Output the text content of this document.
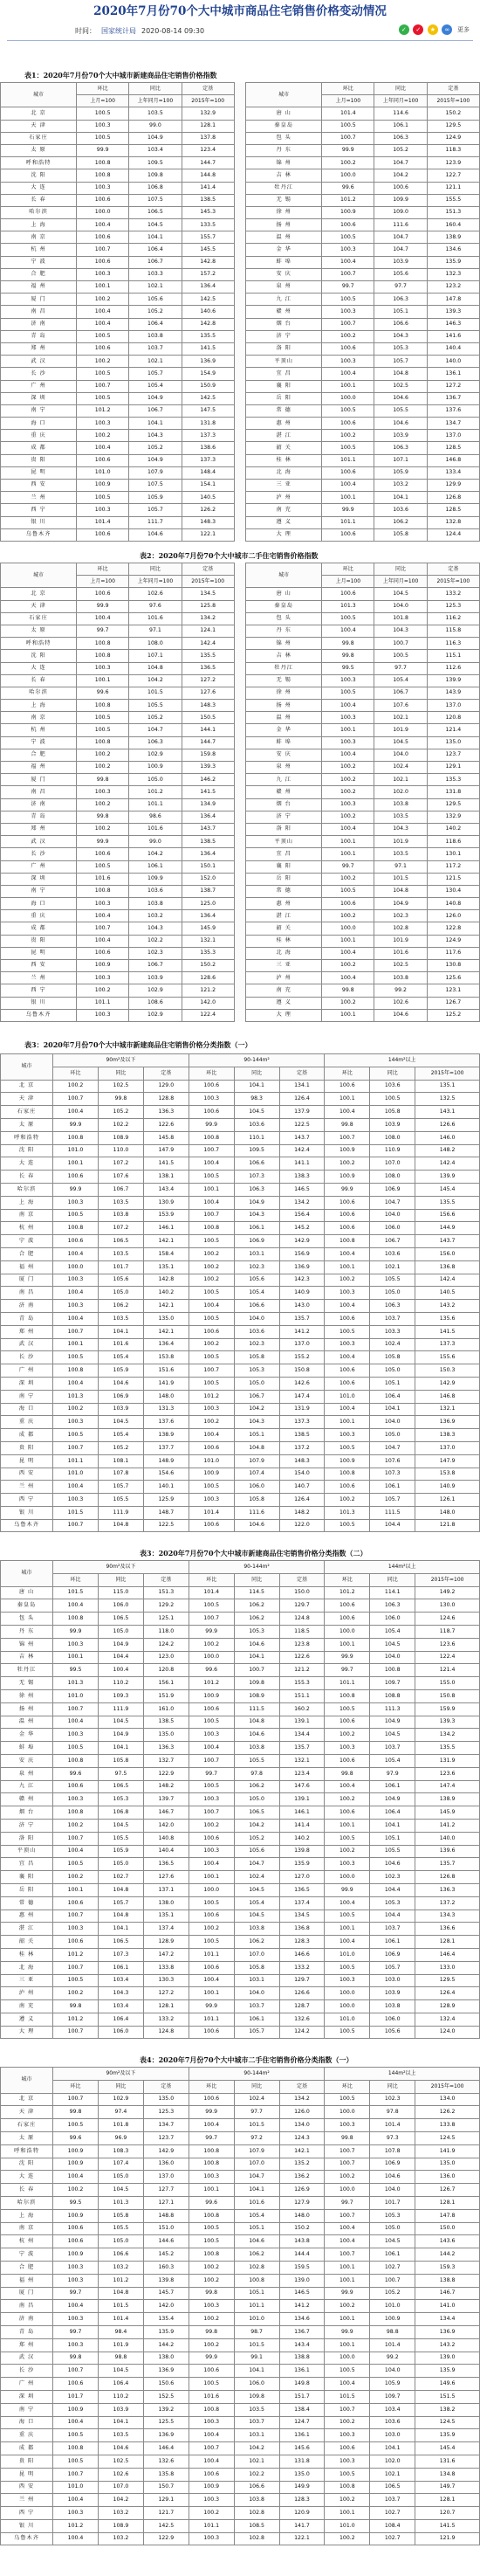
2020年7月份70个大中城市商品住宅销售价格变动情况
时间： 国家统计局 2020-08-14 09:30	✓ ✓ ★ ∞ 更多
表1：2020年7月份70个大中城市新建商品住宅销售价格指数
城市	环比	同比	定基		城市	环比	同比	定基
	上月=100	上年同月=100	2015年=100			上月=100	上年同月=100	2015年=100
北 京	100.5	103.5	132.9		唐 山	101.4	114.6	150.2
天 津	100.3	99.0	128.1		秦皇岛	100.5	106.1	129.5
石家庄	100.5	104.9	137.8		包 头	100.7	106.3	124.9
太 原	99.9	103.4	123.4		丹 东	99.9	105.2	118.3
呼和浩特	100.8	109.5	144.7		锦 州	100.2	104.7	123.9
沈 阳	100.8	109.8	144.8		吉 林	100.0	104.2	122.7
大 连	100.3	106.8	141.4		牡丹江	99.6	100.6	121.1
长 春	100.6	107.5	138.5		无 锡	101.2	109.9	155.5
哈尔滨	100.0	106.5	145.3		徐 州	100.9	109.0	151.3
上 海	100.4	104.5	133.5		扬 州	100.6	111.6	160.4
南 京	100.6	104.1	155.7		温 州	100.5	104.7	138.9
杭 州	100.7	106.4	145.5		金 华	100.3	104.7	134.6
宁 波	100.6	106.7	142.8		蚌 埠	100.4	103.9	135.9
合 肥	100.3	103.3	157.2		安 庆	100.7	105.6	132.3
福 州	100.1	102.1	136.4		泉 州	99.7	97.7	123.2
厦 门	100.2	105.6	142.5		九 江	100.5	106.3	147.8
南 昌	100.4	105.2	140.6		赣 州	100.3	105.1	139.3
济 南	100.4	106.4	142.8		烟 台	100.7	106.6	146.3
青 岛	100.5	103.8	135.5		济 宁	100.2	104.3	141.6
郑 州	100.6	103.7	141.5		洛 阳	100.6	105.3	140.4
武 汉	100.2	102.1	136.9		平顶山	100.3	105.7	140.0
长 沙	100.5	105.7	154.9		宜 昌	100.4	104.8	136.1
广 州	100.7	105.4	150.9		襄 阳	100.1	102.5	127.2
深 圳	100.5	104.9	142.5		岳 阳	100.0	104.6	136.7
南 宁	101.2	106.7	147.5		常 德	100.5	105.5	137.6
海 口	100.3	104.1	131.8		惠 州	100.6	104.6	134.7
重 庆	100.2	104.3	137.3		湛 江	100.2	103.9	137.0
成 都	100.4	105.2	138.6		韶 关	100.5	106.3	128.5
贵 阳	100.6	104.9	137.3		桂 林	101.1	107.1	146.8
昆 明	101.0	107.9	148.4		北 海	100.6	105.9	133.4
西 安	100.9	107.5	154.1		三 亚	100.4	103.2	129.9
兰 州	100.5	105.9	140.5		泸 州	100.1	104.1	126.8
西 宁	100.3	105.7	126.2		南 充	99.9	103.6	128.5
银 川	101.4	111.7	148.3		遵 义	101.1	106.2	132.8
乌鲁木齐	100.6	104.6	122.1		大 理	100.6	105.8	124.4
表2：2020年7月份70个大中城市二手住宅销售价格指数
城市	环比	同比	定基		城市	环比	同比	定基
	上月=100	上年同月=100	2015年=100			上月=100	上年同月=100	2015年=100
北 京	100.6	102.6	134.5		唐 山	100.6	104.5	133.2
天 津	99.9	97.6	125.8		秦皇岛	101.3	104.0	125.3
石家庄	100.4	101.6	134.2		包 头	100.5	101.8	116.2
太 原	99.7	97.1	124.1		丹 东	100.4	104.3	115.8
呼和浩特	100.8	108.0	142.4		锦 州	99.8	100.7	116.3
沈 阳	100.8	107.1	135.5		吉 林	99.8	100.5	115.1
大 连	100.3	104.8	136.5		牡丹江	99.5	97.7	112.6
长 春	100.1	104.2	127.2		无 锡	100.3	105.4	139.9
哈尔滨	99.6	101.5	127.6		徐 州	100.5	106.7	143.9
上 海	100.8	105.5	148.3		扬 州	100.4	107.6	137.0
南 京	100.5	105.2	150.5		温 州	100.3	102.1	120.8
杭 州	100.5	104.7	144.1		金 华	100.1	101.9	121.4
宁 波	100.8	106.3	144.7		蚌 埠	100.3	104.5	135.0
合 肥	100.2	102.9	159.8		安 庆	100.4	104.0	123.7
福 州	100.2	100.9	139.3		泉 州	100.2	102.4	129.1
厦 门	99.8	105.0	146.2		九 江	100.2	102.1	135.3
南 昌	100.3	101.2	141.5		赣 州	100.2	102.0	131.8
济 南	100.2	101.1	134.9		烟 台	100.3	103.8	129.5
青 岛	99.8	98.6	136.4		济 宁	100.2	103.5	132.9
郑 州	100.2	101.6	143.7		洛 阳	100.4	104.3	140.2
武 汉	99.9	99.0	138.5		平顶山	100.1	101.9	118.6
长 沙	100.6	104.2	136.4		宜 昌	100.1	103.5	130.1
广 州	100.5	106.1	150.1		襄 阳	99.7	97.1	117.2
深 圳	101.6	109.9	152.0		岳 阳	100.2	101.5	121.5
南 宁	100.8	103.6	138.7		常 德	100.5	104.8	130.4
海 口	100.3	103.8	125.0		惠 州	100.6	104.9	140.8
重 庆	100.4	103.2	136.4		湛 江	100.2	102.3	126.0
成 都	100.7	104.3	145.9		韶 关	100.0	102.8	122.8
贵 阳	100.4	102.2	132.1		桂 林	100.1	101.9	124.9
昆 明	100.6	102.3	135.3		北 海	100.4	101.6	117.6
西 安	100.9	106.7	150.2		三 亚	100.2	102.5	130.8
兰 州	100.3	103.9	128.6		泸 州	100.4	103.8	125.6
西 宁	100.2	102.9	121.2		南 充	99.8	99.2	123.1
银 川	101.1	108.6	142.0		遵 义	100.2	102.6	126.7
乌鲁木齐	100.3	102.9	122.4		大 理	100.1	104.6	125.2
表3：2020年7月份70个大中城市新建商品住宅销售价格分类指数（一）
城市	90m²及以下			90-144m²			144m²以上		
	环比	同比	定基	环比	同比	定基	环比	同比	2015年=100
北 京	100.2	102.5	129.0	100.6	104.1	134.1	100.6	103.6	135.1
天 津	100.7	99.8	128.8	100.3	98.3	126.4	100.1	100.5	132.5
石家庄	100.4	105.2	136.3	100.6	104.5	137.9	100.4	105.8	143.1
太 原	99.9	102.2	122.6	99.9	103.6	122.5	99.8	103.9	126.6
呼和浩特	100.8	108.9	145.8	100.8	110.1	143.7	100.7	108.0	146.0
沈 阳	101.0	110.0	147.9	100.7	109.5	142.4	100.9	110.9	148.2
大 连	100.1	107.2	141.5	100.4	106.6	141.1	100.2	107.0	142.4
长 春	100.6	107.6	138.1	100.5	107.3	138.3	100.9	108.0	139.9
哈尔滨	99.9	106.7	143.4	100.1	106.3	146.5	99.9	106.9	145.4
上 海	100.3	103.5	130.9	100.4	104.9	134.2	100.6	104.7	135.5
南 京	100.5	103.8	153.9	100.7	104.3	156.4	100.6	104.0	156.6
杭 州	100.8	107.2	146.1	100.8	106.1	145.2	100.6	106.0	144.9
宁 波	100.6	106.5	142.1	100.5	106.9	142.9	100.8	106.7	143.7
合 肥	100.4	103.5	158.4	100.2	103.1	156.9	100.4	103.6	156.0
福 州	100.0	101.7	135.1	100.2	102.3	136.9	100.1	102.1	136.8
厦 门	100.3	105.6	142.8	100.2	105.6	142.3	100.2	105.5	142.4
南 昌	100.4	105.0	140.2	100.5	105.4	140.9	100.3	105.0	140.5
济 南	100.3	106.2	142.1	100.4	106.6	143.0	100.4	106.3	143.2
青 岛	100.4	103.5	135.0	100.5	104.0	135.7	100.6	103.7	135.6
郑 州	100.7	104.1	142.1	100.6	103.6	141.2	100.5	103.3	141.5
武 汉	100.1	101.6	136.4	100.2	102.3	137.0	100.3	102.4	137.3
长 沙	100.5	105.4	153.8	100.5	105.8	155.2	100.4	105.8	155.6
广 州	100.8	105.9	151.6	100.7	105.3	150.8	100.6	105.0	150.3
深 圳	100.4	104.6	141.9	100.5	105.0	142.6	100.6	105.1	142.9
南 宁	101.3	106.9	148.0	101.2	106.7	147.4	101.0	106.4	146.8
海 口	100.2	103.9	131.3	100.3	104.2	131.9	100.4	104.1	132.1
重 庆	100.3	104.5	137.6	100.2	104.3	137.3	100.1	104.0	136.9
成 都	100.5	105.4	138.9	100.4	105.1	138.5	100.3	105.0	138.3
贵 阳	100.7	105.2	137.7	100.6	104.8	137.2	100.5	104.7	137.0
昆 明	101.1	108.1	148.9	101.0	107.9	148.3	100.9	107.6	147.9
西 安	101.0	107.8	154.6	100.9	107.4	154.0	100.8	107.3	153.8
兰 州	100.4	105.7	140.1	100.5	106.0	140.7	100.6	106.1	140.9
西 宁	100.3	105.5	125.9	100.3	105.8	126.4	100.2	105.7	126.1
银 川	101.5	111.9	148.7	101.4	111.6	148.2	101.3	111.5	148.0
乌鲁木齐	100.7	104.8	122.5	100.6	104.6	122.0	100.5	104.4	121.8
表3：2020年7月份70个大中城市新建商品住宅销售价格分类指数（二）
城市	90m²及以下			90-144m²			144m²以上		
	环比	同比	定基	环比	同比	定基	环比	同比	2015年=100
唐 山	101.5	115.0	151.3	101.4	114.5	150.0	101.2	114.1	149.2
秦皇岛	100.4	106.0	129.2	100.5	106.2	129.7	100.6	106.3	130.0
包 头	100.8	106.5	125.1	100.7	106.2	124.8	100.6	106.0	124.6
丹 东	99.9	105.0	118.0	99.9	105.3	118.5	100.0	105.4	118.7
锦 州	100.3	104.9	124.2	100.2	104.6	123.8	100.1	104.5	123.6
吉 林	100.1	104.4	123.0	100.0	104.1	122.6	99.9	104.0	122.4
牡丹江	99.5	100.4	120.8	99.6	100.7	121.2	99.7	100.8	121.4
无 锡	101.3	110.2	156.1	101.2	109.8	155.3	101.1	109.7	155.0
徐 州	101.0	109.3	151.9	100.9	108.9	151.1	100.8	108.8	150.8
扬 州	100.7	111.9	161.0	100.6	111.5	160.2	100.5	111.3	159.9
温 州	100.4	104.5	138.5	100.5	104.8	139.1	100.6	104.9	139.3
金 华	100.3	104.9	135.0	100.3	104.6	134.4	100.2	104.5	134.2
蚌 埠	100.5	104.1	136.3	100.4	103.8	135.7	100.3	103.7	135.5
安 庆	100.8	105.8	132.7	100.7	105.5	132.1	100.6	105.4	131.9
泉 州	99.6	97.5	122.9	99.7	97.8	123.4	99.8	97.9	123.6
九 江	100.6	106.5	148.2	100.5	106.2	147.6	100.4	106.1	147.4
赣 州	100.3	105.3	139.7	100.3	105.0	139.1	100.2	104.9	138.9
烟 台	100.8	106.8	146.7	100.7	106.5	146.1	100.6	106.4	145.9
济 宁	100.2	104.5	142.0	100.2	104.2	141.4	100.1	104.1	141.2
洛 阳	100.7	105.5	140.8	100.6	105.2	140.2	100.5	105.1	140.0
平顶山	100.4	105.9	140.4	100.3	105.6	139.8	100.2	105.5	139.6
宜 昌	100.5	105.0	136.5	100.4	104.7	135.9	100.3	104.6	135.7
襄 阳	100.2	102.7	127.6	100.1	102.4	127.0	100.0	102.3	126.8
岳 阳	100.1	104.8	137.1	100.0	104.5	136.5	99.9	104.4	136.3
常 德	100.6	105.7	138.0	100.5	105.4	137.4	100.4	105.3	137.2
惠 州	100.7	104.8	135.1	100.6	104.5	134.5	100.5	104.4	134.3
湛 江	100.3	104.1	137.4	100.2	103.8	136.8	100.1	103.7	136.6
韶 关	100.6	106.5	128.9	100.5	106.2	128.3	100.4	106.1	128.1
桂 林	101.2	107.3	147.2	101.1	107.0	146.6	101.0	106.9	146.4
北 海	100.7	106.1	133.8	100.6	105.8	133.2	100.5	105.7	133.0
三 亚	100.5	103.4	130.3	100.4	103.1	129.7	100.3	103.0	129.5
泸 州	100.2	104.3	127.2	100.1	104.0	126.6	100.0	103.9	126.4
南 充	99.8	103.4	128.1	99.9	103.7	128.7	100.0	103.8	128.9
遵 义	101.2	106.4	133.2	101.1	106.1	132.6	101.0	106.0	132.4
大 理	100.7	106.0	124.8	100.6	105.7	124.2	100.5	105.6	124.0
表4：2020年7月份70个大中城市二手住宅销售价格分类指数（一）
城市	90m²及以下			90-144m²			144m²以上		
	环比	同比	定基	环比	同比	定基	环比	同比	2015年=100
北 京	100.7	102.9	135.0	100.6	102.4	134.2	100.5	102.3	134.0
天 津	99.8	97.4	125.3	99.9	97.7	126.0	100.0	97.8	126.2
石家庄	100.5	101.8	134.7	100.4	101.5	134.0	100.3	101.4	133.8
太 原	99.6	96.9	123.7	99.7	97.2	124.3	99.8	97.3	124.5
呼和浩特	100.9	108.3	142.9	100.8	107.9	142.1	100.7	107.8	141.9
沈 阳	100.9	107.4	136.0	100.8	107.0	135.2	100.7	106.9	135.0
大 连	100.4	105.0	137.0	100.3	104.7	136.2	100.2	104.6	136.0
长 春	100.2	104.5	127.7	100.1	104.1	126.9	100.0	104.0	126.7
哈尔滨	99.5	101.3	127.1	99.6	101.6	127.9	99.7	101.7	128.1
上 海	100.9	105.8	148.8	100.8	105.4	148.0	100.7	105.3	147.8
南 京	100.6	105.5	151.0	100.5	105.1	150.2	100.4	105.0	150.0
杭 州	100.6	105.0	144.6	100.5	104.6	143.8	100.4	104.5	143.6
宁 波	100.9	106.6	145.2	100.8	106.2	144.4	100.7	106.1	144.2
合 肥	100.3	103.2	160.3	100.2	102.8	159.5	100.1	102.7	159.3
福 州	100.3	101.2	139.8	100.2	100.8	139.0	100.1	100.7	138.8
厦 门	99.7	104.8	145.7	99.8	105.1	146.5	99.9	105.2	146.7
南 昌	100.4	101.5	142.0	100.3	101.1	141.2	100.2	101.0	141.0
济 南	100.3	101.4	135.4	100.2	101.0	134.6	100.1	100.9	134.4
青 岛	99.7	98.4	135.9	99.8	98.7	136.7	99.9	98.8	136.9
郑 州	100.3	101.9	144.2	100.2	101.5	143.4	100.1	101.4	143.2
武 汉	99.8	98.8	138.0	99.9	99.1	138.8	100.0	99.2	139.0
长 沙	100.7	104.5	136.9	100.6	104.1	136.1	100.5	104.0	135.9
广 州	100.6	106.4	150.6	100.5	106.0	149.8	100.4	105.9	149.6
深 圳	101.7	110.2	152.5	101.6	109.8	151.7	101.5	109.7	151.5
南 宁	100.9	103.9	139.2	100.8	103.5	138.4	100.7	103.4	138.2
海 口	100.4	104.1	125.5	100.3	103.7	124.7	100.2	103.6	124.5
重 庆	100.5	103.5	136.9	100.4	103.1	136.1	100.3	103.0	135.9
成 都	100.8	104.6	146.4	100.7	104.2	145.6	100.6	104.1	145.4
贵 阳	100.5	102.5	132.6	100.4	102.1	131.8	100.3	102.0	131.6
昆 明	100.7	102.6	135.8	100.6	102.2	135.0	100.5	102.1	134.8
西 安	101.0	107.0	150.7	100.9	106.6	149.9	100.8	106.5	149.7
兰 州	100.4	104.2	129.1	100.3	103.8	128.3	100.2	103.7	128.1
西 宁	100.3	103.2	121.7	100.2	102.8	120.9	100.1	102.7	120.7
银 川	101.2	108.9	142.5	101.1	108.5	141.7	101.0	108.4	141.5
乌鲁木齐	100.4	103.2	122.9	100.3	102.8	122.1	100.2	102.7	121.9
